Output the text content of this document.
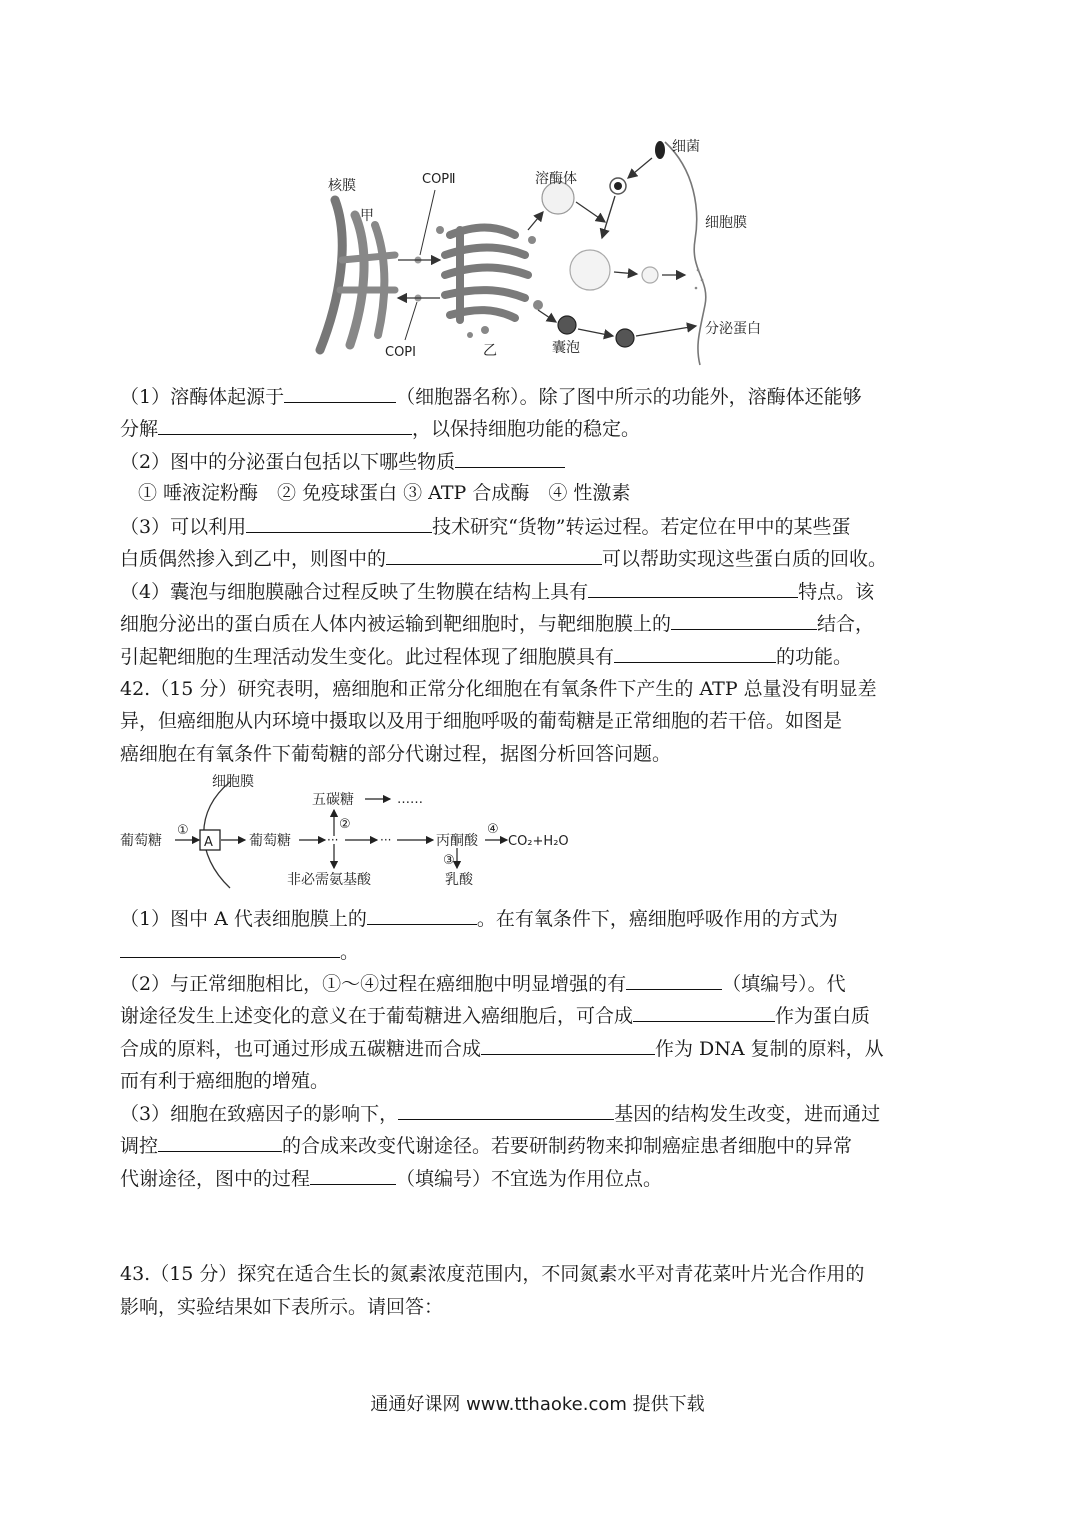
核膜
甲
COPⅡ
COPⅠ	乙
溶酶体
细菌
细胞膜
囊泡
分泌蛋白
（1）溶酶体起源于	（细胞器名称）。除了图中所示的功能外，溶酶体还能够
分解	，以保持细胞功能的稳定。
（2）图中的分泌蛋白包括以下哪些物质
① 唾液淀粉酶　② 免疫球蛋白 ③ ATP 合成酶　④ 性激素
（3）可以利用	技术研究“货物”转运过程。若定位在甲中的某些蛋
白质偶然掺入到乙中，则图中的	可以帮助实现这些蛋白质的回收。
（4）囊泡与细胞膜融合过程反映了生物膜在结构上具有	特点。该
细胞分泌出的蛋白质在人体内被运输到靶细胞时，与靶细胞膜上的	结合，
引起靶细胞的生理活动发生变化。此过程体现了细胞膜具有	的功能。
42.（15 分）研究表明，癌细胞和正常分化细胞在有氧条件下产生的 ATP 总量没有明显差
异，但癌细胞从内环境中摄取以及用于细胞呼吸的葡萄糖是正常细胞的若干倍。如图是
癌细胞在有氧条件下葡萄糖的部分代谢过程，据图分析回答问题。
A
细胞膜
葡萄糖
①
葡萄糖	···
②
五碳糖	……
非必需氨基酸
···	丙酮酸
④
CO₂+H₂O
③
乳酸
（1）图中 A 代表细胞膜上的	。在有氧条件下，癌细胞呼吸作用的方式为
。
（2）与正常细胞相比，①～④过程在癌细胞中明显增强的有	（填编号）。代
谢途径发生上述变化的意义在于葡萄糖进入癌细胞后，可合成	作为蛋白质
合成的原料，也可通过形成五碳糖进而合成	作为 DNA 复制的原料，从
而有利于癌细胞的增殖。
（3）细胞在致癌因子的影响下，	基因的结构发生改变，进而通过
调控	的合成来改变代谢途径。若要研制药物来抑制癌症患者细胞中的异常
代谢途径，图中的过程	（填编号）不宜选为作用位点。
43.（15 分）探究在适合生长的氮素浓度范围内，不同氮素水平对青花菜叶片光合作用的
影响，实验结果如下表所示。请回答：
通通好课网 www.tthaoke.com 提供下载
